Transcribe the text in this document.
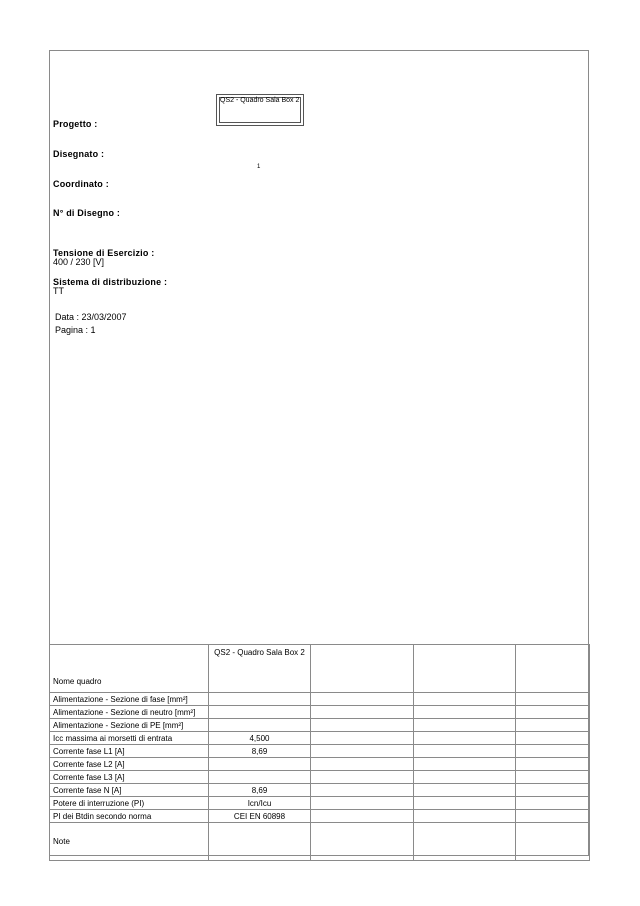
QS2 - Quadro Sala Box 2
1
Progetto :
Disegnato :
Coordinato :
N° di Disegno :
Tensione di Esercizio :
400 / 230 [V]
Sistema di distribuzione :
TT
Data : 23/03/2007
Pagina : 1
Nome quadro	QS2 - Quadro Sala Box 2			
Alimentazione - Sezione di fase [mm²]				
Alimentazione - Sezione di neutro [mm²]				
Alimentazione - Sezione di PE [mm²]				
Icc massima ai morsetti di entrata	4,500			
Corrente fase L1 [A]	8,69			
Corrente fase L2 [A]				
Corrente fase L3 [A]				
Corrente fase N [A]	8,69			
Potere di interruzione (PI)	Icn/Icu			
PI dei Btdin secondo norma	CEI EN 60898			
Note				
